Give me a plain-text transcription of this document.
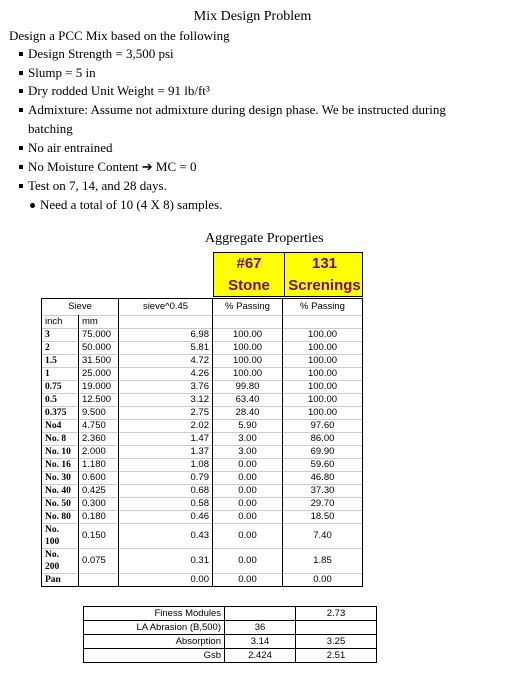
Mix Design Problem
Design a PCC Mix based on the following
Design Strength = 3,500 psi
Slump = 5 in
Dry rodded Unit Weight = 91 lb/ft³
Admixture: Assume not admixture during design phase. We be instructed during
batching
No air entrained
No Moisture Content ➔ MC = 0
Test on 7, 14, and 28 days.
Need a total of 10 (4 X 8) samples.
Aggregate Properties
#67
Stone
131
Screnings
Sieve		sieve^0.45	% Passing	% Passing
inch	mm			
3	75.000	6.98	100.00	100.00
2	50.000	5.81	100.00	100.00
1.5	31.500	4.72	100.00	100.00
1	25.000	4.26	100.00	100.00
0.75	19.000	3.76	99.80	100.00
0.5	12.500	3.12	63.40	100.00
0.375	9.500	2.75	28.40	100.00
No4	4.750	2.02	5.90	97.60
No. 8	2.360	1.47	3.00	86.00
No. 10	2.000	1.37	3.00	69.90
No. 16	1.180	1.08	0.00	59.60
No. 30	0.600	0.79	0.00	46.80
No. 40	0.425	0.68	0.00	37.30
No. 50	0.300	0.58	0.00	29.70
No. 80	0.180	0.46	0.00	18.50
No. 100	0.150	0.43	0.00	7.40
No. 200	0.075	0.31	0.00	1.85
Pan		0.00	0.00	0.00
Finess Modules		2.73
LA Abrasion (B,500)	36	
Absorption	3.14	3.25
Gsb	2.424	2.51
